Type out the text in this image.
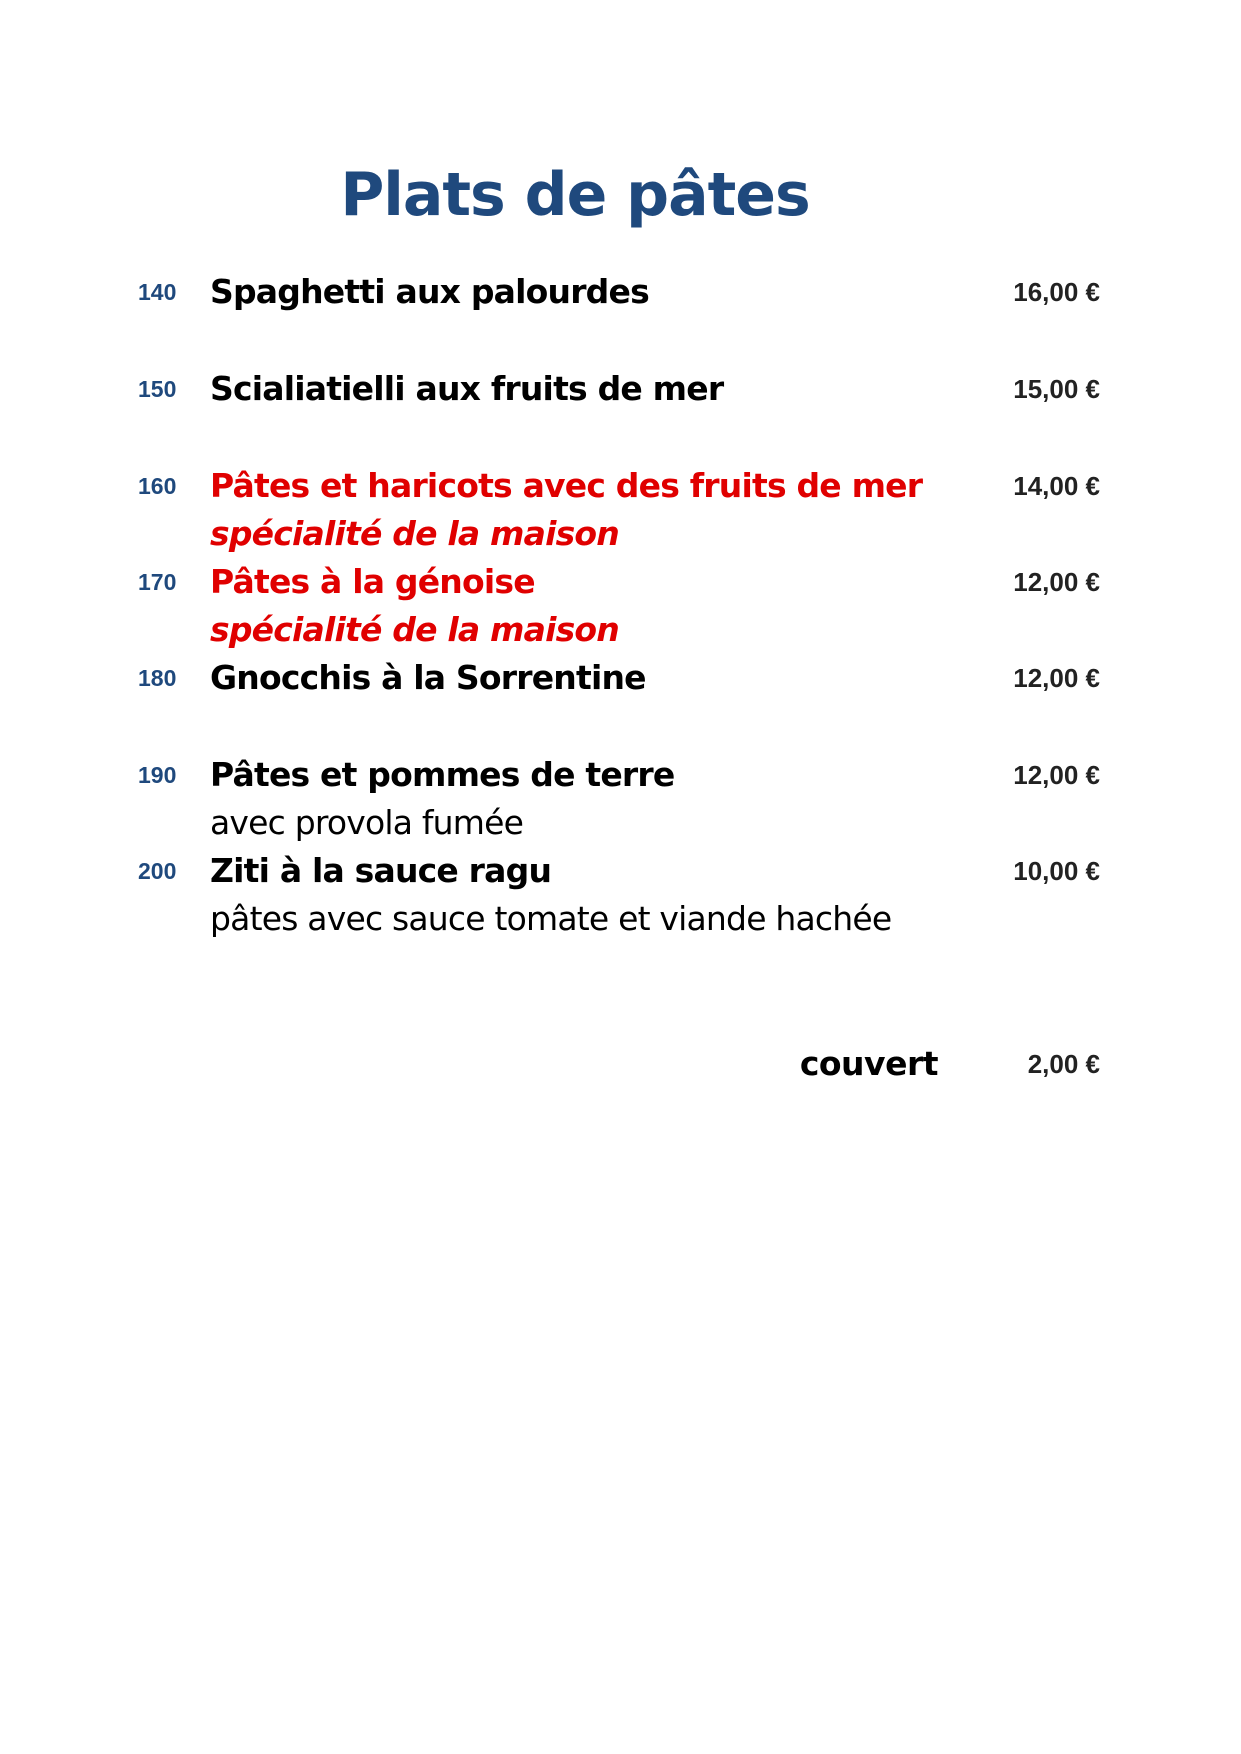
Plats de pâtes
140 Spaghetti aux palourdes	16,00 €
150 Scialiatielli aux fruits de mer	15,00 €
160 Pâtes et haricots avec des fruits de mer	14,00 €
spécialité de la maison
170 Pâtes à la génoise	12,00 €
spécialité de la maison
180 Gnocchis à la Sorrentine	12,00 €
190 Pâtes et pommes de terre	12,00 €
avec provola fumée
200 Ziti à la sauce ragu	10,00 €
pâtes avec sauce tomate et viande hachée
couvert	2,00 €
